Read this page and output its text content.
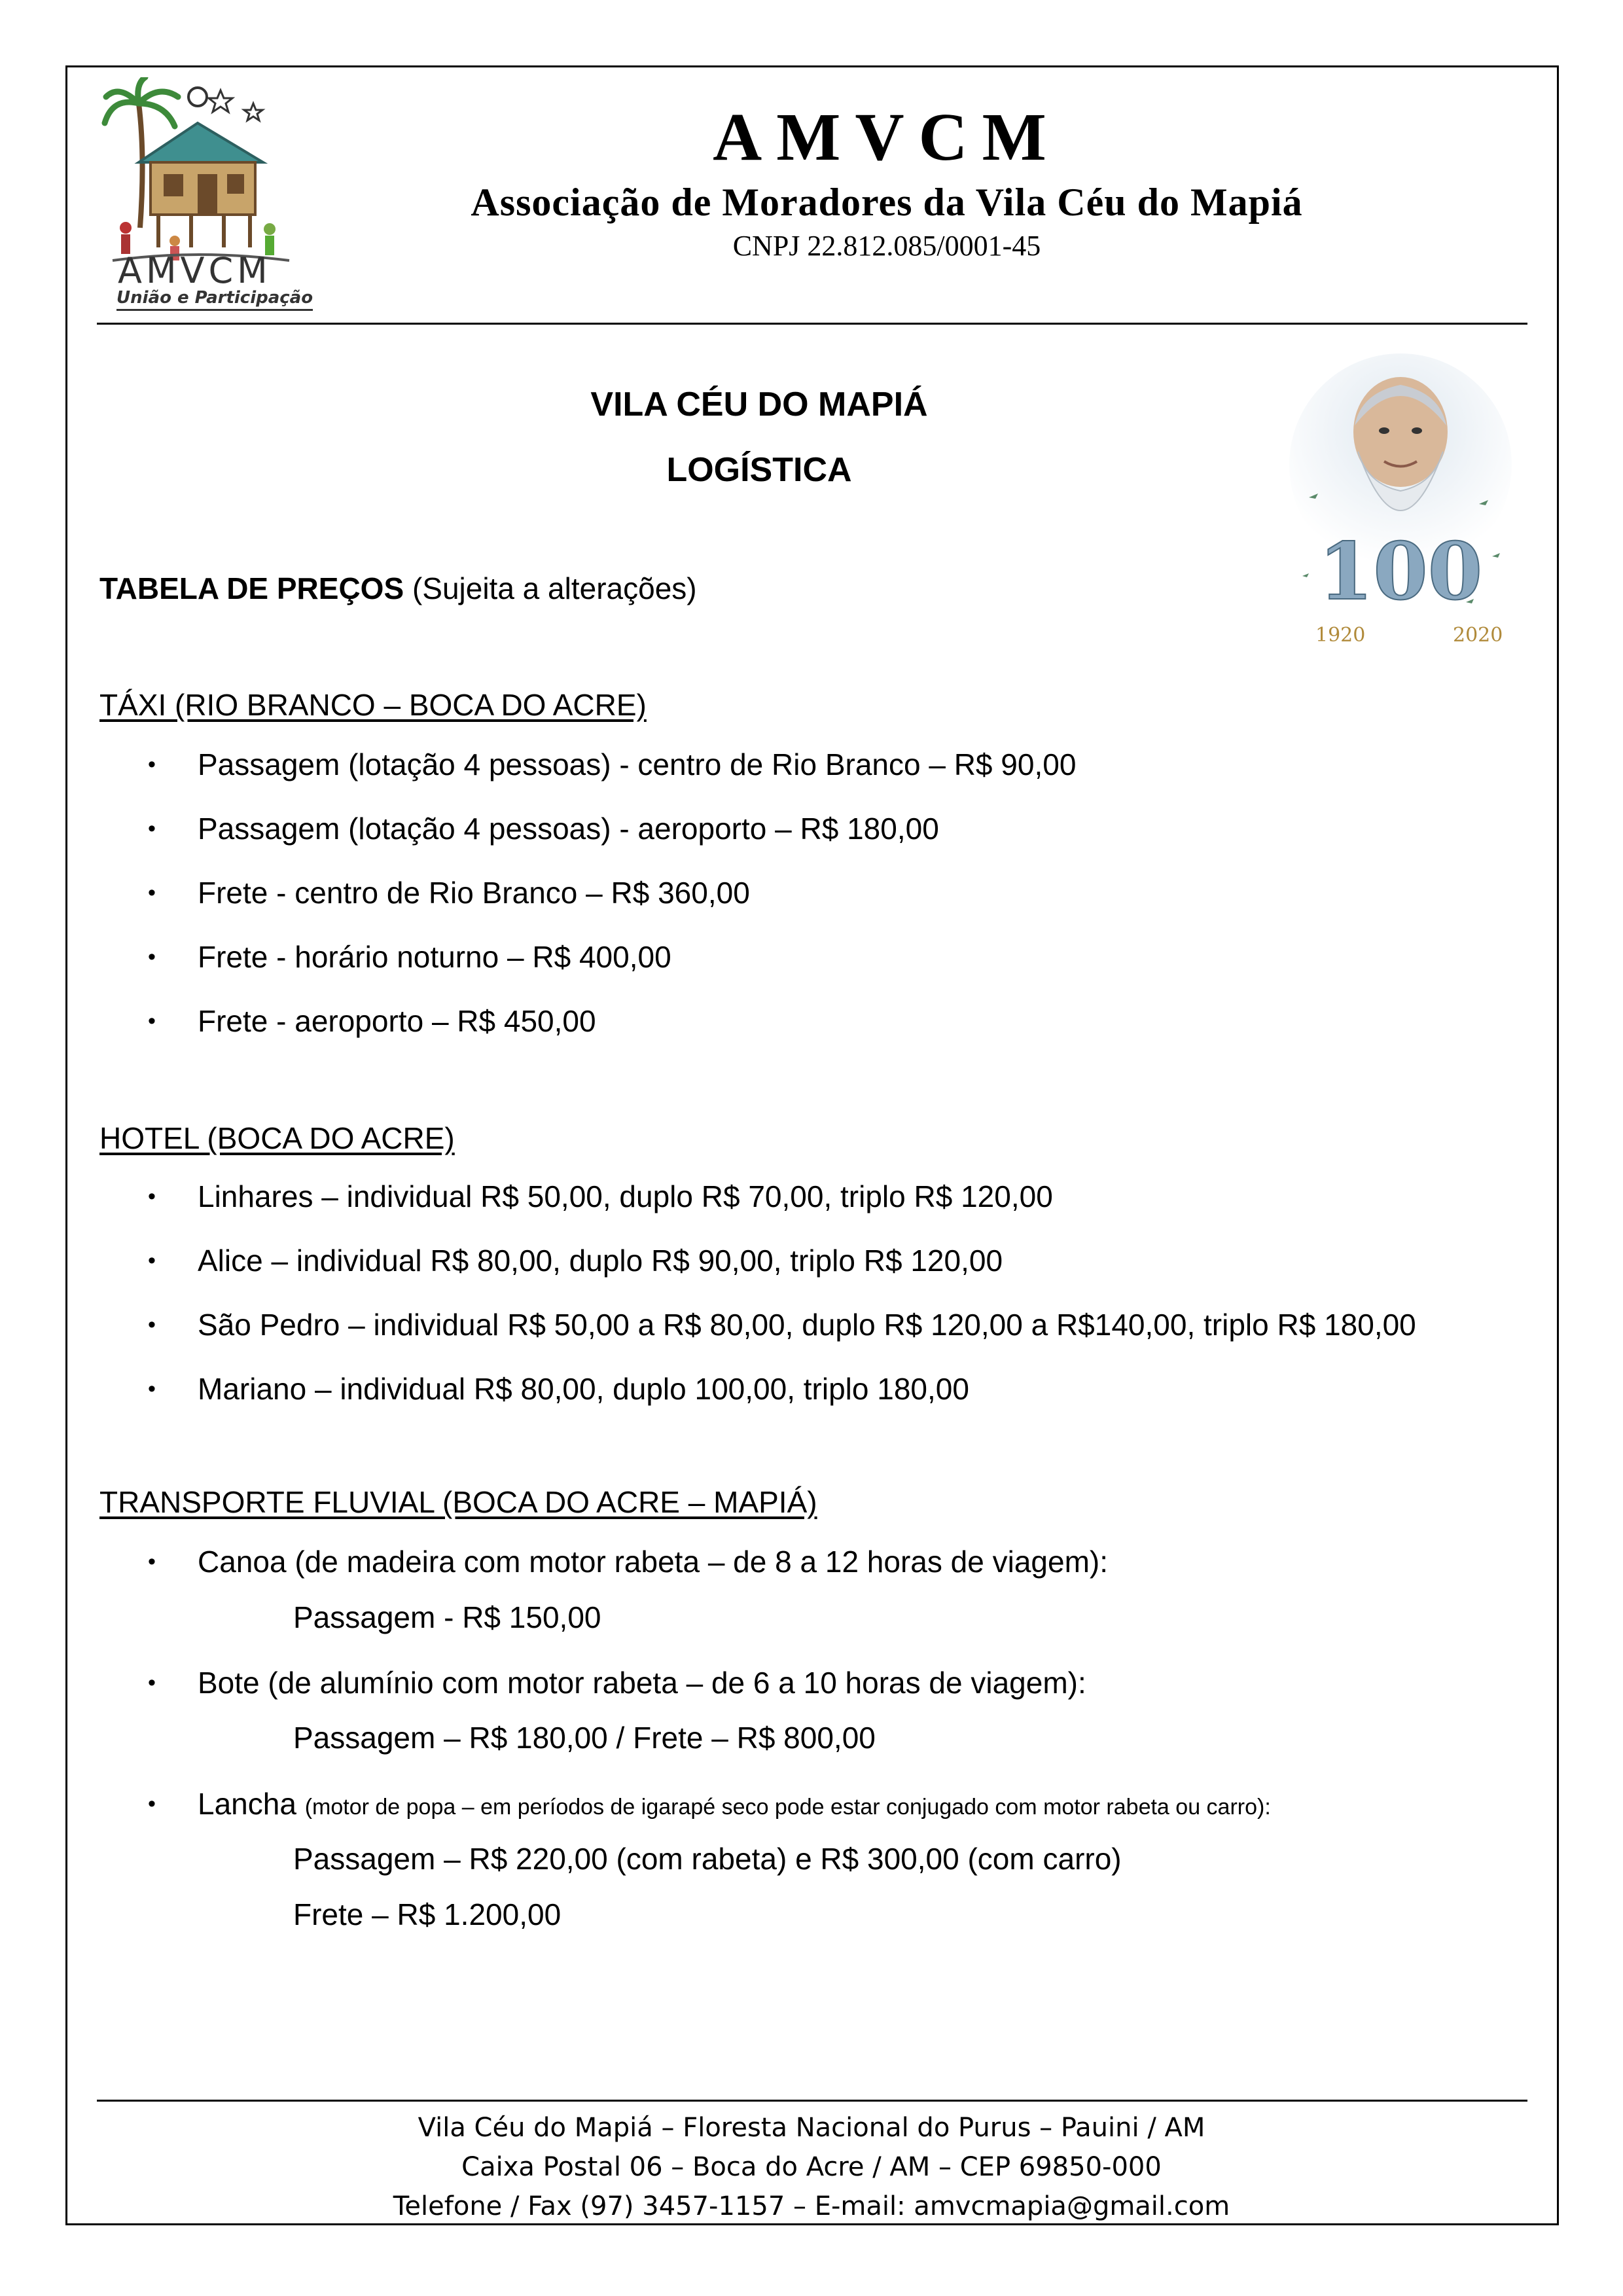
AMVCM
União e Participação
AMVCM
Associação de Moradores da Vila Céu do Mapiá
CNPJ 22.812.085/0001-45
100
1920	2020
VILA CÉU DO MAPIÁ
LOGÍSTICA
TABELA DE PREÇOS (Sujeita a alterações)
TÁXI (RIO BRANCO – BOCA DO ACRE)
• Passagem (lotação 4 pessoas) - centro de Rio Branco – R$ 90,00
• Passagem (lotação 4 pessoas) - aeroporto – R$ 180,00
• Frete - centro de Rio Branco – R$ 360,00
• Frete - horário noturno – R$ 400,00
• Frete - aeroporto – R$ 450,00
HOTEL (BOCA DO ACRE)
• Linhares – individual R$ 50,00, duplo R$ 70,00, triplo R$ 120,00
• Alice – individual R$ 80,00, duplo R$ 90,00, triplo R$ 120,00
• São Pedro – individual R$ 50,00 a R$ 80,00, duplo R$ 120,00 a R$140,00, triplo R$ 180,00
• Mariano – individual R$ 80,00, duplo 100,00, triplo 180,00
TRANSPORTE FLUVIAL (BOCA DO ACRE – MAPIÁ)
• Canoa (de madeira com motor rabeta – de 8 a 12 horas de viagem):
Passagem - R$ 150,00
• Bote (de alumínio com motor rabeta – de 6 a 10 horas de viagem):
Passagem – R$ 180,00 / Frete – R$ 800,00
• Lancha (motor de popa – em períodos de igarapé seco pode estar conjugado com motor rabeta ou carro):
Passagem – R$ 220,00 (com rabeta) e R$ 300,00 (com carro)
Frete – R$ 1.200,00
Vila Céu do Mapiá – Floresta Nacional do Purus – Pauini / AM
Caixa Postal 06 – Boca do Acre / AM – CEP 69850-000
Telefone / Fax (97) 3457-1157 – E-mail: amvcmapia@gmail.com
